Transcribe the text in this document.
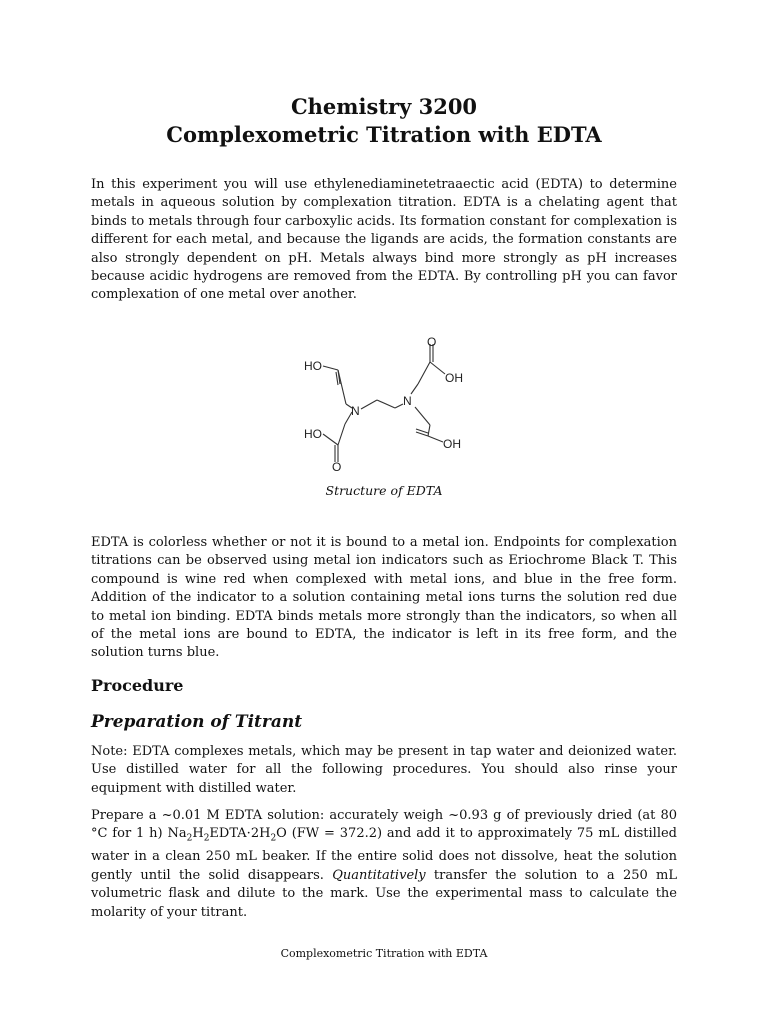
Chemistry 3200
Complexometric Titration with EDTA

In this experiment you will use ethylenediaminetetraaectic acid (EDTA) to determine metals in aqueous solution by complexation titration. EDTA is a chelating agent that binds to metals through four carboxylic acids. Its formation constant for complexation is different for each metal, and because the ligands are acids, the formation constants are also strongly dependent on pH. Metals always bind more strongly as pH increases because acidic hydrogens are removed from the EDTA. By controlling pH you can favor complexation of one metal over another.

HO
O
OH
N
N
HO
O
OH
Structure of EDTA

EDTA is colorless whether or not it is bound to a metal ion. Endpoints for complexation titrations can be observed using metal ion indicators such as Eriochrome Black T. This compound is wine red when complexed with metal ions, and blue in the free form. Addition of the indicator to a solution containing metal ions turns the solution red due to metal ion binding. EDTA binds metals more strongly than the indicators, so when all of the metal ions are bound to EDTA, the indicator is left in its free form, and the solution turns blue.

Procedure
Preparation of Titrant

Note: EDTA complexes metals, which may be present in tap water and deionized water. Use distilled water for all the following procedures. You should also rinse your equipment with distilled water.

Prepare a ~0.01 M EDTA solution: accurately weigh ~0.93 g of previously dried (at 80 °C for 1 h) $Na_2H_2EDTA\cdot 2H_2O$ (FW = 372.2) and add it to approximately 75 mL distilled water in a clean 250 mL beaker. If the entire solid does not dissolve, heat the solution gently until the solid disappears. Quantitatively transfer the solution to a 250 mL volumetric flask and dilute to the mark. Use the experimental mass to calculate the molarity of your titrant.

Complexometric Titration with EDTA
